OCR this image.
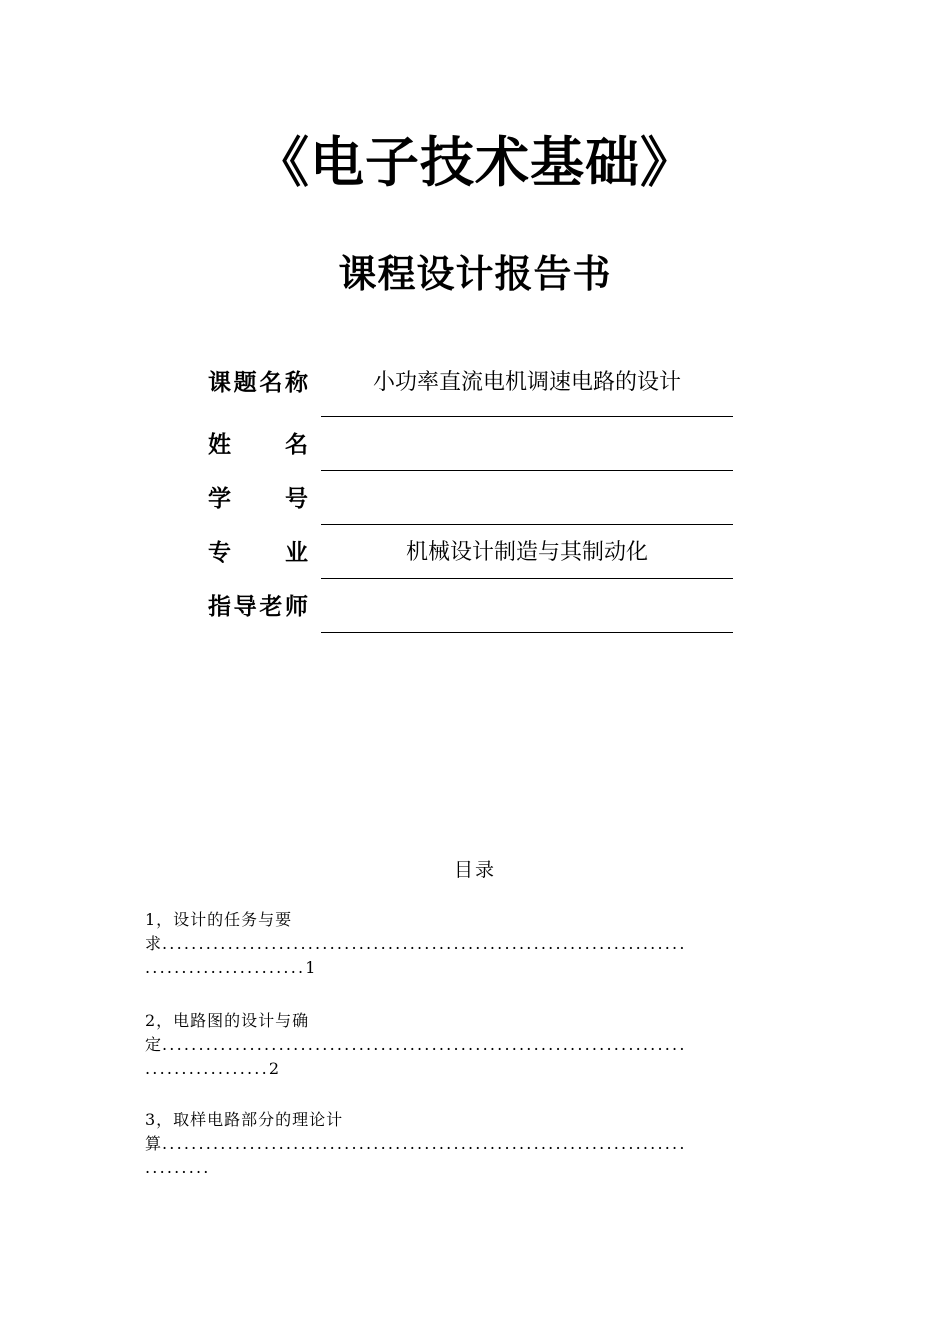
《电子技术基础》
课程设计报告书
课 题 名 称	小功率直流电机调速电路的设计
姓 名
学 号
专 业	机械设计制造与其制动化
指 导 老 师
目录
1，设计的任务与要
求........................................................................
......................1
2，电路图的设计与确
定........................................................................
.................2
3，取样电路部分的理论计
算........................................................................
.........
